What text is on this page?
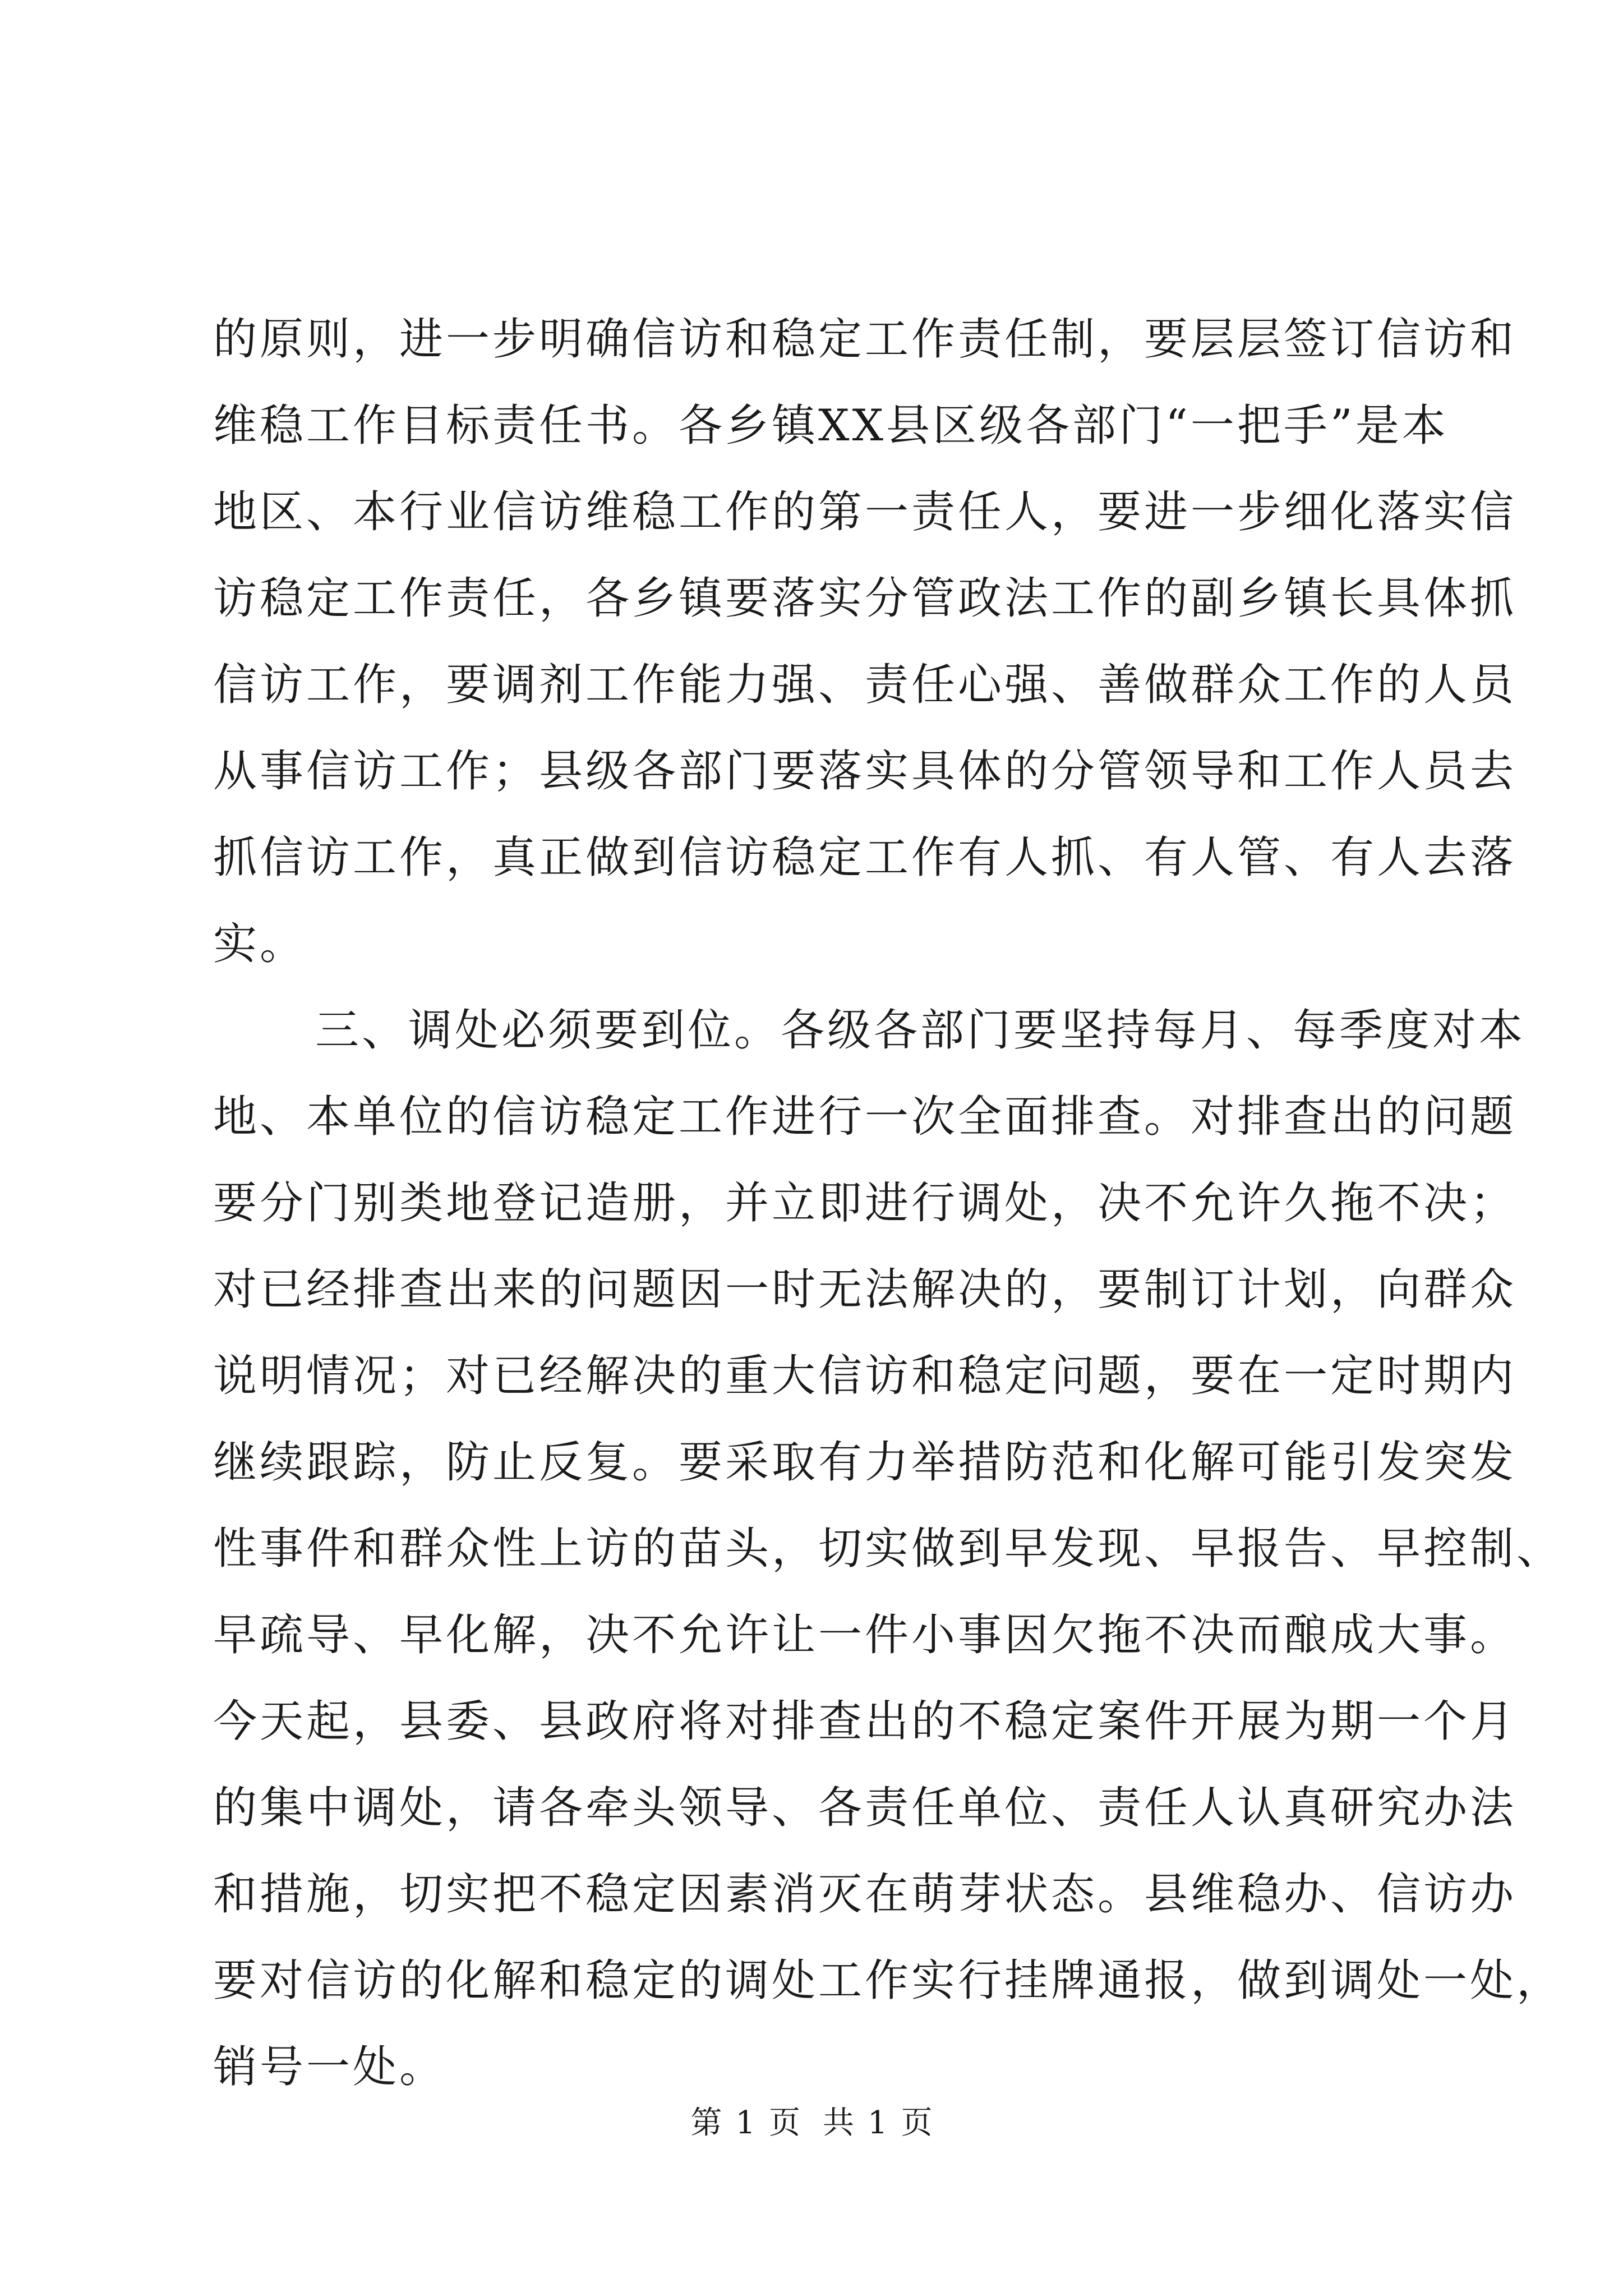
的原则，进一步明确信访和稳定工作责任制，要层层签订信访和
维稳工作目标责任书。各乡镇XX县区级各部门“一把手”是本
地区、本行业信访维稳工作的第一责任人，要进一步细化落实信
访稳定工作责任，各乡镇要落实分管政法工作的副乡镇长具体抓
信访工作，要调剂工作能力强、责任心强、善做群众工作的人员
从事信访工作；县级各部门要落实具体的分管领导和工作人员去
抓信访工作，真正做到信访稳定工作有人抓、有人管、有人去落
实。
三、调处必须要到位。各级各部门要坚持每月、每季度对本
地、本单位的信访稳定工作进行一次全面排查。对排查出的问题
要分门别类地登记造册，并立即进行调处，决不允许久拖不决；
对已经排查出来的问题因一时无法解决的，要制订计划，向群众
说明情况；对已经解决的重大信访和稳定问题，要在一定时期内
继续跟踪，防止反复。要采取有力举措防范和化解可能引发突发
性事件和群众性上访的苗头，切实做到早发现、早报告、早控制、
早疏导、早化解，决不允许让一件小事因欠拖不决而酿成大事。
今天起，县委、县政府将对排查出的不稳定案件开展为期一个月
的集中调处，请各牵头领导、各责任单位、责任人认真研究办法
和措施，切实把不稳定因素消灭在萌芽状态。县维稳办、信访办
要对信访的化解和稳定的调处工作实行挂牌通报，做到调处一处，
销号一处。
第 1 页 共 1 页
